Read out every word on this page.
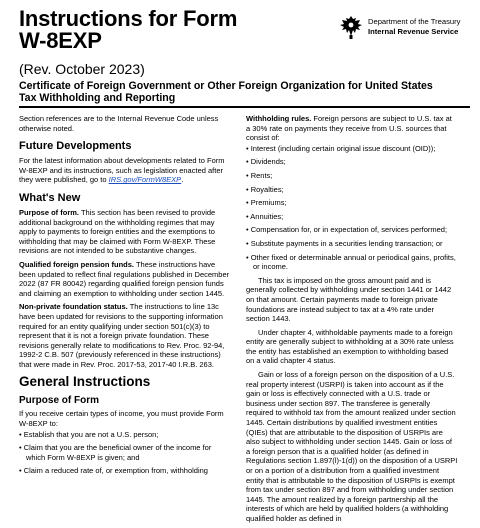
Instructions for Form
W-8EXP
(Rev. October 2023)
Certificate of Foreign Government or Other Foreign Organization for United States
Tax Withholding and Reporting
Department of the Treasury
Internal Revenue Service

Section references are to the Internal Revenue Code unless otherwise noted.

Future Developments

For the latest information about developments related to Form W-8EXP and its instructions, such as legislation enacted after they were published, go to IRS.gov/FormW8EXP.

What's New

Purpose of form. This section has been revised to provide additional background on the withholding regimes that may apply to payments to foreign entities and the exemptions to withholding that may be claimed with Form W-8EXP. These revisions are not intended to be substantive changes.

Qualified foreign pension funds. These instructions have been updated to reflect final regulations published in December 2022 (87 FR 80042) regarding qualified foreign pension funds and claiming an exemption to withholding under section 1445.

Non-private foundation status. The instructions to line 13c have been updated for revisions to the supporting information required for an entity qualifying under section 501(c)(3) to represent that it is not a foreign private foundation. These revisions generally relate to modifications to Rev. Proc. 92-94, 1992-2 C.B. 507 (previously referenced in these instructions) that were made in Rev. Proc. 2017-53, 2017-40 I.R.B. 263.

General Instructions
Purpose of Form

If you receive certain types of income, you must provide Form W-8EXP to:

• Establish that you are not a U.S. person;

• Claim that you are the beneficial owner of the income for which Form W-8EXP is given; and

• Claim a reduced rate of, or exemption from, withholding

Withholding rules. Foreign persons are subject to U.S. tax at a 30% rate on payments they receive from U.S. sources that consist of:

• Interest (including certain original issue discount (OID));

• Dividends;

• Rents;

• Royalties;

• Premiums;

• Annuities;

• Compensation for, or in expectation of, services performed;

• Substitute payments in a securities lending transaction; or

• Other fixed or determinable annual or periodical gains, profits, or income.

This tax is imposed on the gross amount paid and is generally collected by withholding under section 1441 or 1442 on that amount. Certain payments made to foreign private foundations are instead subject to tax at a 4% rate under section 1443.

Under chapter 4, withholdable payments made to a foreign entity are generally subject to withholding at a 30% rate unless the entity has established an exemption to withholding based on a valid chapter 4 status.

Gain or loss of a foreign person on the disposition of a U.S. real property interest (USRPI) is taken into account as if the gain or loss is effectively connected with a U.S. trade or business under section 897. The transferee is generally required to withhold tax from the amount realized under section 1445. Certain distributions by qualified investment entities (QIEs) that are attributable to the disposition of USRPIs are also subject to withholding under section 1445. Gain or loss of a foreign person that is a qualified holder (as defined in Regulations section 1.897(l)-1(d)) on the disposition of a USRPI or on a portion of a distribution from a qualified investment entity that is attributable to the disposition of USRPIs is exempt from tax under section 897 and from withholding under section 1445. The amount realized by a foreign partnership all the interests of which are held by qualified holders (a withholding qualified holder as defined in
